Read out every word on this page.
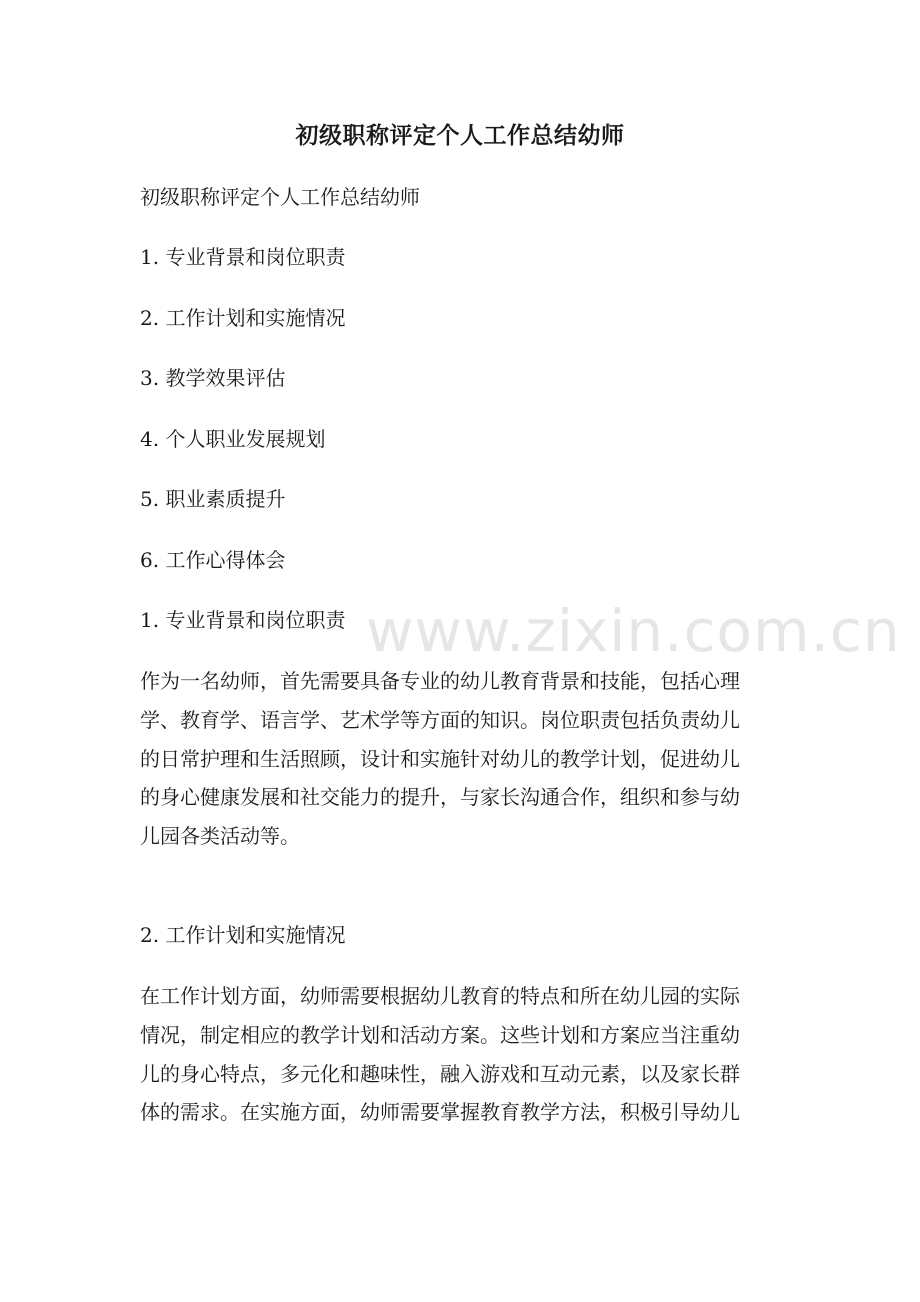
初级职称评定个人工作总结幼师
初级职称评定个人工作总结幼师
1. 专业背景和岗位职责
2. 工作计划和实施情况
3. 教学效果评估
4. 个人职业发展规划
5. 职业素质提升
6. 工作心得体会
1. 专业背景和岗位职责
作为一名幼师，首先需要具备专业的幼儿教育背景和技能，包括心理
学、教育学、语言学、艺术学等方面的知识。岗位职责包括负责幼儿
的日常护理和生活照顾，设计和实施针对幼儿的教学计划，促进幼儿
的身心健康发展和社交能力的提升，与家长沟通合作，组织和参与幼
儿园各类活动等。
2. 工作计划和实施情况
在工作计划方面，幼师需要根据幼儿教育的特点和所在幼儿园的实际
情况，制定相应的教学计划和活动方案。这些计划和方案应当注重幼
儿的身心特点，多元化和趣味性，融入游戏和互动元素，以及家长群
体的需求。在实施方面，幼师需要掌握教育教学方法，积极引导幼儿
www.zixin.com.cn
